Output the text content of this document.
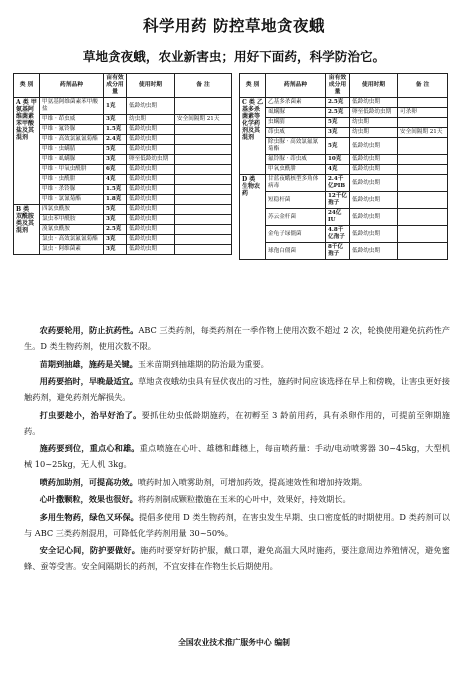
科学用药 防控草地贪夜蛾
草地贪夜蛾，农业新害虫；用好下面药，科学防治它。
类 别	药剂品种	亩有效成分用量	使用时期	备 注
A 类 甲氨基阿维菌素苯甲酸盐及其混剂	甲氨基阿维菌素苯甲酸盐	1克	低龄幼虫期	
	甲维 · 茚虫威	3克	幼虫期	安全间隔期 21天
	甲维 · 氟铃脲	1.5克	低龄幼虫期	
	甲维 · 高效氯氟氰菊酯	2.4克	低龄幼虫期	
	甲维 · 虫螨腈	5克	低龄幼虫期	
	甲维 · 虱螨脲	3克	卵至低龄幼虫期	
	甲维 · 甲氧虫酰肼	6克	低龄幼虫期	
	甲维 · 虫酰肼	4克	低龄幼虫期	
	甲维 · 杀铃脲	1.5克	低龄幼虫期	
	甲维 · 氯氰菊酯	1.8克	低龄幼虫期	
B 类 双酰胺类及其混剂	四氯虫酰胺	5克	低龄幼虫期	
	氯虫苯甲酰胺	3克	低龄幼虫期	
	溴氰虫酰胺	2.5克	低龄幼虫期	
	氯虫 · 高效氯氟氰菊酯	3克	低龄幼虫期	
	氯虫 · 阿维菌素	3克	低龄幼虫期	
类 别	药剂品种	亩有效成分用量	使用时期	备 注
C 类 乙基多杀菌素等化学药剂及其混剂	乙基多杀菌素	2.5克	低龄幼虫期	
	虱螨脲	2.5克	卵至低龄幼虫期	可杀卵
	虫螨腈	5克	幼虫期	
	茚虫威	3克	幼虫期	安全间隔期 21天
	除虫脲 · 高效氯氟氰菊酯	5克	低龄幼虫期	
	氟铃脲 · 茚虫威	10克	低龄幼虫期	
	甲氧虫酰肼	4克	低龄幼虫期	
D 类 生物农药	甘蓝夜蛾核型多角体病毒	2.4千亿PIB	低龄幼虫期	
	短稳杆菌	12千亿孢子	低龄幼虫期	
	苏云金杆菌	24亿IU	低龄幼虫期	
	金龟子绿僵菌	4.8千亿孢子	低龄幼虫期	
	球孢白僵菌	8千亿孢子	低龄幼虫期	

农药要轮用，防止抗药性。ABC 三类药剂，每类药剂在一季作物上使用次数不超过 2 次，轮换使用避免抗药性产生。D 类生物药剂，使用次数不限。

苗期到抽雄，施药是关键。玉米苗期到抽雄期的防治最为重要。

用药要掐时，早晚最适宜。草地贪夜蛾幼虫具有昼伏夜出的习性，施药时间应该选择在早上和傍晚，让害虫更好接触药剂，避免药剂光解损失。

打虫要趁小，治早好治了。要抓住幼虫低龄期施药，在初孵至 3 龄前用药，具有杀卵作用的，可提前至卵期施药。

施药要到位，重点心和雄。重点喷施在心叶、雄穗和雌穗上，每亩喷药量：手动/电动喷雾器 30~45kg，大型机械 10~25kg，无人机 3kg。

喷药加助剂，可提高功效。喷药时加入喷雾助剂，可增加药效，提高速效性和增加持效期。

心叶撒颗粒，效果也很好。将药剂制成颗粒撒施在玉米的心叶中，效果好，持效期长。

多用生物药，绿色又环保。提倡多使用 D 类生物药剂，在害虫发生早期、虫口密度低的时期使用。D 类药剂可以与 ABC 三类药剂混用，可降低化学药剂用量 30~50%。

安全记心间，防护要做好。施药时要穿好防护服，戴口罩，避免高温大风时施药，要注意周边养殖情况，避免蜜蜂、蚕等受害。安全间隔期长的药剂，不宜安排在作物生长后期使用。

全国农业技术推广服务中心 编制
